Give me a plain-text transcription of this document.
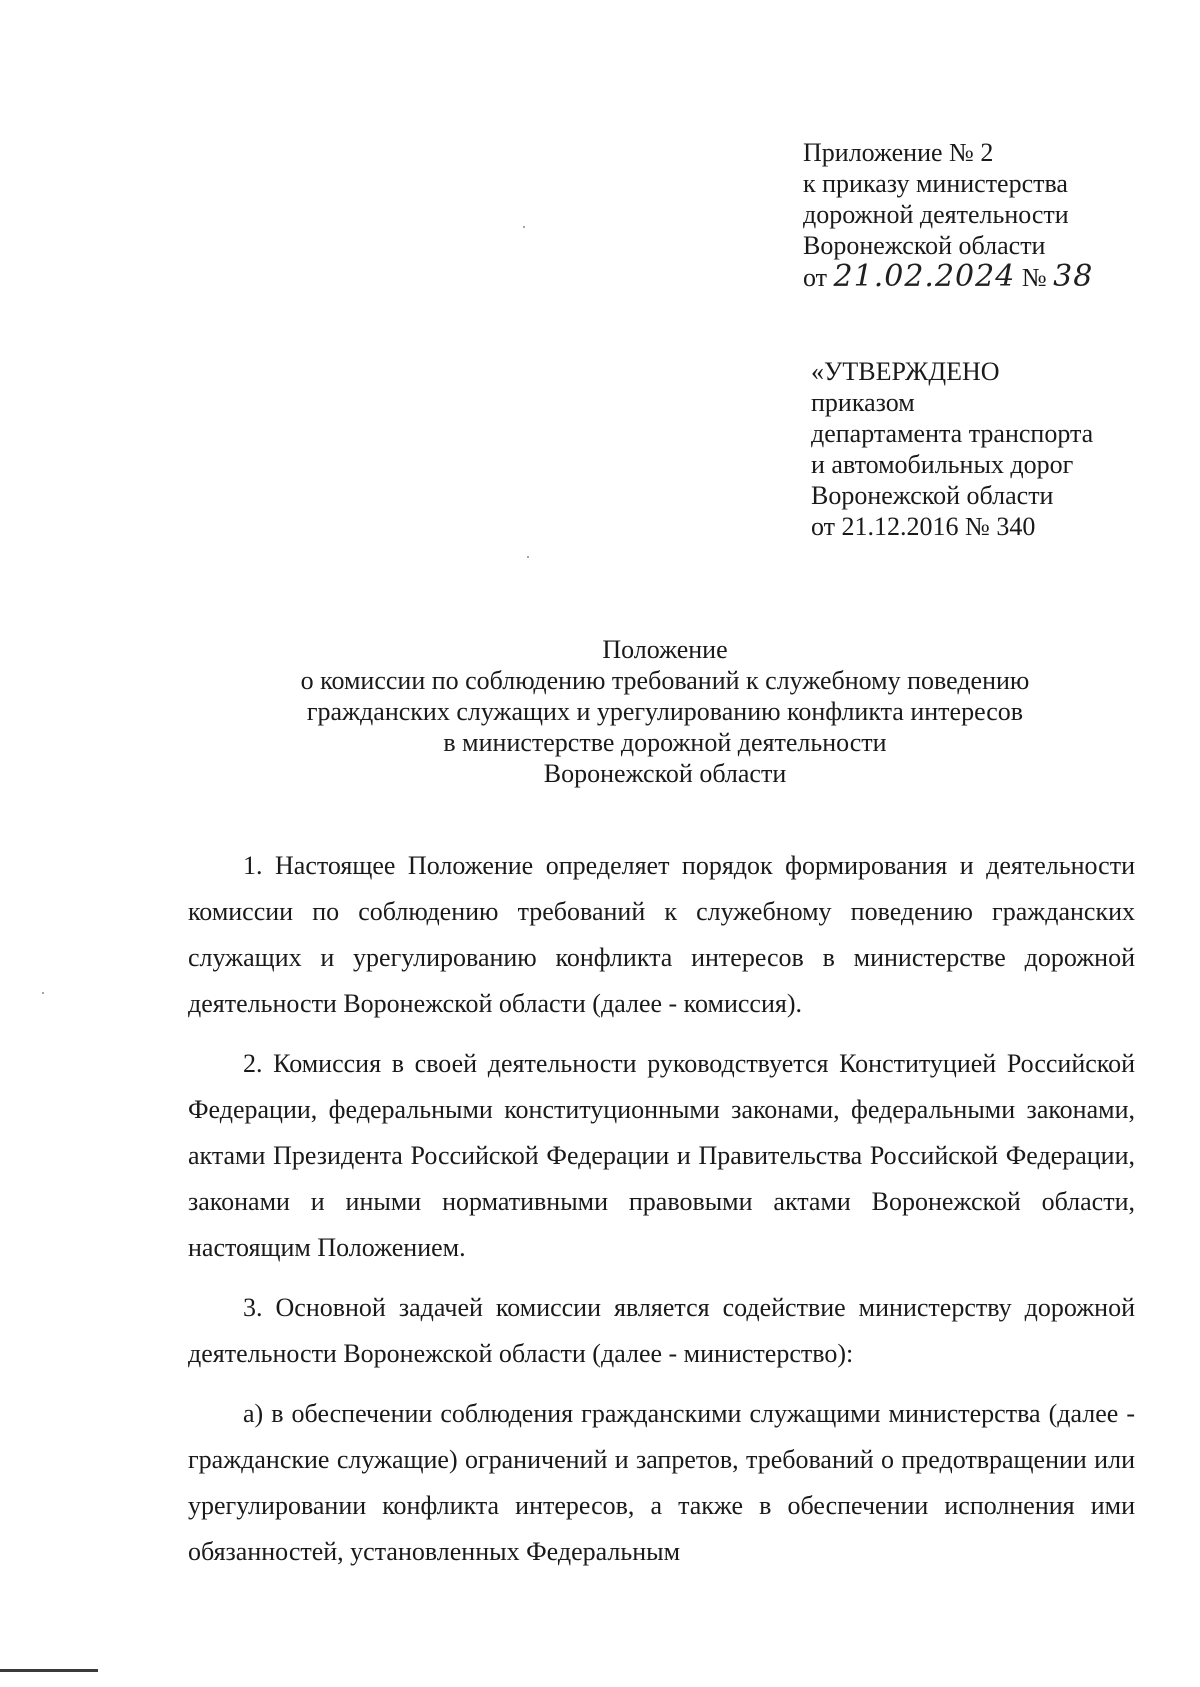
Приложение № 2
к приказу министерства
дорожной деятельности
Воронежской области
от 21.02.2024 № 38
«УТВЕРЖДЕНО
приказом
департамента транспорта
и автомобильных дорог
Воронежской области
от 21.12.2016 № 340
Положение
о комиссии по соблюдению требований к служебному поведению
гражданских служащих и урегулированию конфликта интересов
в министерстве дорожной деятельности
Воронежской области

1. Настоящее Положение определяет порядок формирования и деятельности комиссии по соблюдению требований к служебному поведению гражданских служащих и урегулированию конфликта интересов в министерстве дорожной деятельности Воронежской области (далее - комиссия).

2. Комиссия в своей деятельности руководствуется Конституцией Российской Федерации, федеральными конституционными законами, федеральными законами, актами Президента Российской Федерации и Правительства Российской Федерации, законами и иными нормативными правовыми актами Воронежской области, настоящим Положением.

3. Основной задачей комиссии является содействие министерству дорожной деятельности Воронежской области (далее - министерство):

а) в обеспечении соблюдения гражданскими служащими министерства (далее - гражданские служащие) ограничений и запретов, требований о предотвращении или урегулировании конфликта интересов, а также в обеспечении исполнения ими обязанностей, установленных Федеральным
